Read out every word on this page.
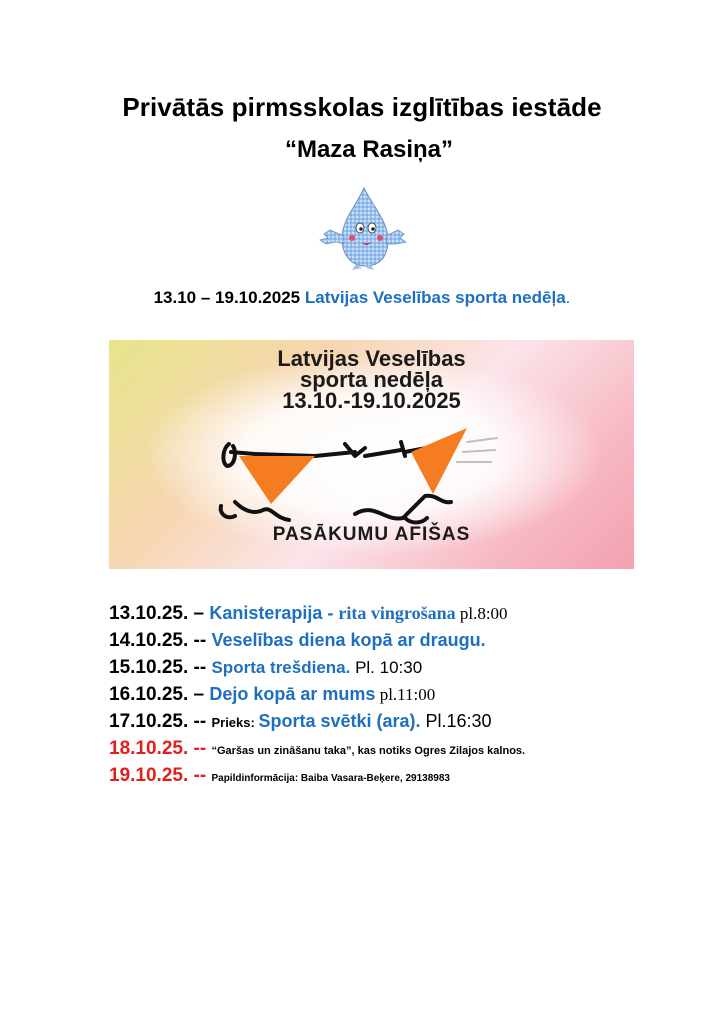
Privātās pirmsskolas izglītības iestāde
“Maza Rasiņa”
13.10 – 19.10.2025 Latvijas Veselības sporta nedēļa.
Latvijas Veselības
sporta nedēļa
13.10.-19.10.2025
PASĀKUMU AFIŠAS
13.10.25. – Kanisterapija - rita vingrošana pl.8:00
14.10.25. -- Veselības diena kopā ar draugu.
15.10.25. -- Sporta trešdiena. Pl. 10:30
16.10.25. – Dejo kopā ar mums pl.11:00
17.10.25. -- Prieks: Sporta svētki (ara). Pl.16:30
18.10.25. -- “Garšas un zināšanu taka”, kas notiks Ogres Zilajos kalnos.
19.10.25. -- Papildinformācija: Baiba Vasara-Beķere, 29138983
